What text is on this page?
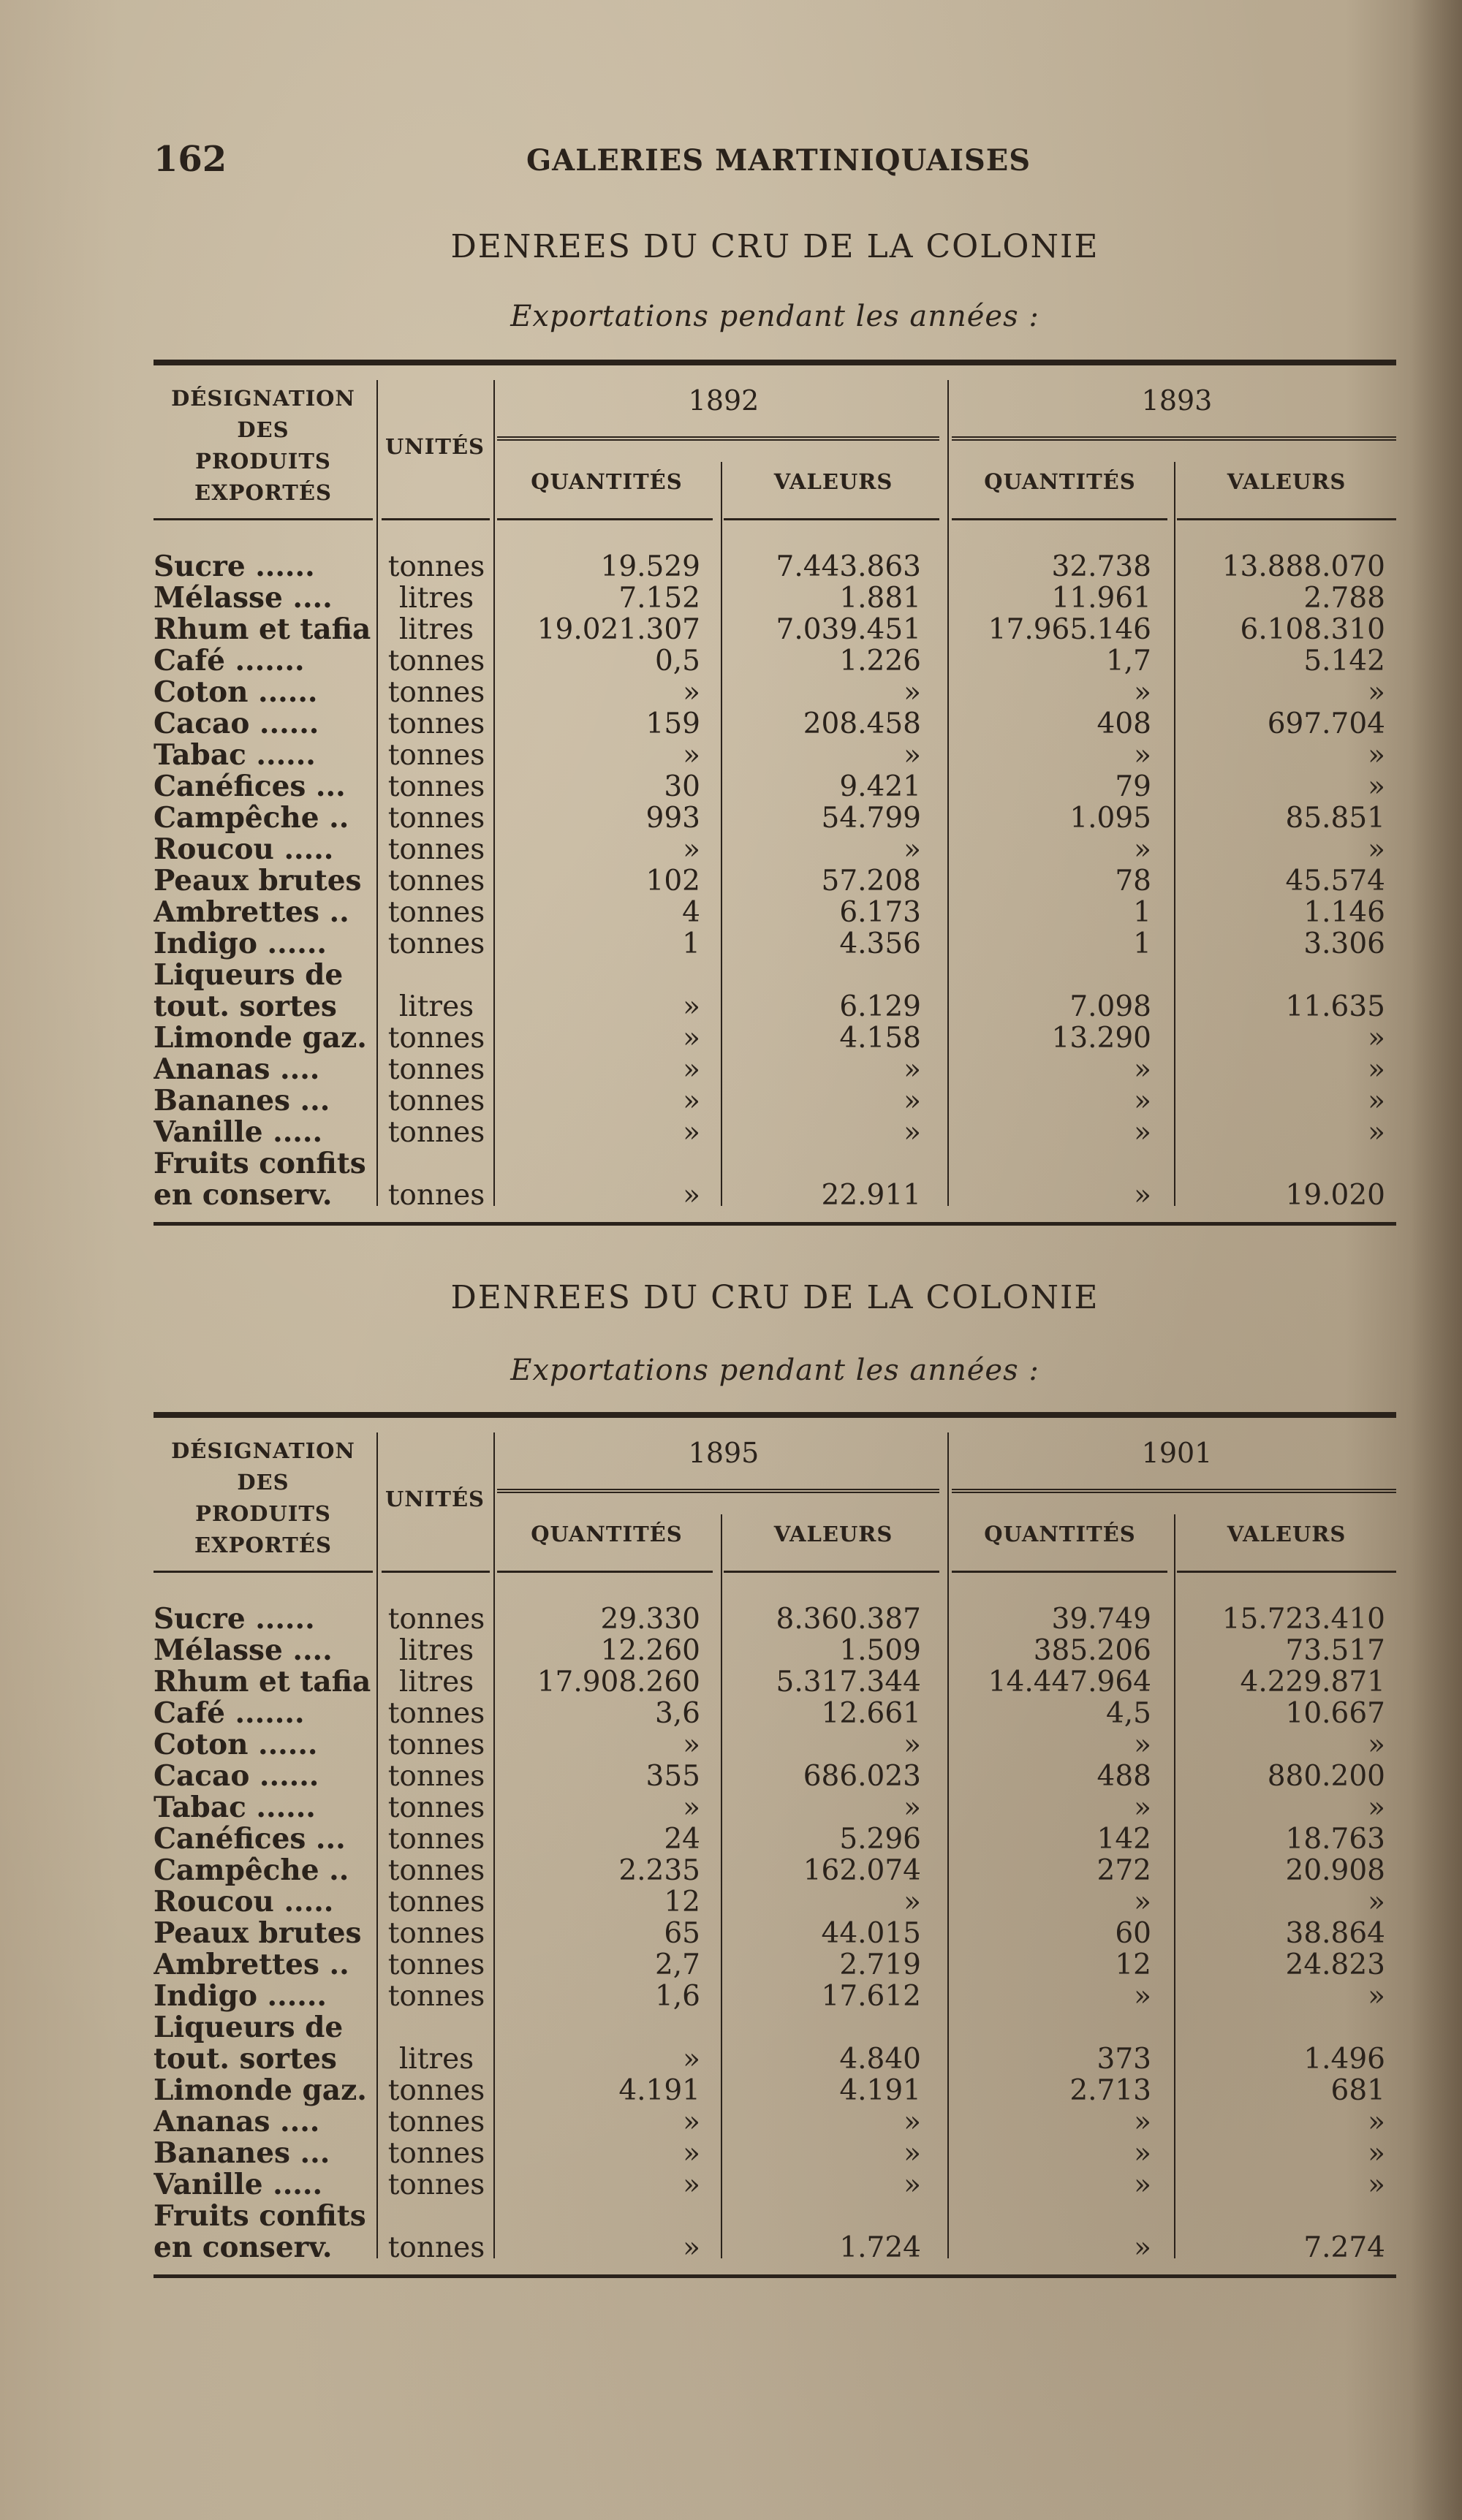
162	GALERIES MARTINIQUAISES
DENREES DU CRU DE LA COLONIE
Exportations pendant les années :
DÉSIGNATION
DES
PRODUITS
EXPORTÉS
UNITÉS
1892	1893
QUANTITÉS	VALEURS	QUANTITÉS	VALEURS
Sucre ......	tonnes	19.529	7.443.863	32.738	13.888.070
Mélasse ....	litres	7.152	1.881	11.961	2.788
Rhum et tafia litres	19.021.307	7.039.451	17.965.146	6.108.310
Café .......	tonnes	0,5	1.226	1,7	5.142
Coton ......	tonnes	»	»	»	»
Cacao ......	tonnes	159	208.458	408	697.704
Tabac ......	tonnes	»	»	»	»
Canéfices ...	tonnes	30	9.421	79	»
Campêche ..	tonnes	993	54.799	1.095	85.851
Roucou .....	tonnes	»	»	»	»
Peaux brutes tonnes	102	57.208	78	45.574
Ambrettes ..	tonnes	4	6.173	1	1.146
Indigo ......	tonnes	1	4.356	1	3.306
Liqueurs de
tout. sortes	litres	»	6.129	7.098	11.635
Limonde gaz. tonnes	»	4.158	13.290	»
Ananas ....	tonnes	»	»	»	»
Bananes ...	tonnes	»	»	»	»
Vanille .....	tonnes	»	»	»	»
Fruits confits
en conserv.	tonnes	»	22.911	»	19.020
DENREES DU CRU DE LA COLONIE
Exportations pendant les années :
DÉSIGNATION
DES
PRODUITS
EXPORTÉS
UNITÉS
1895	1901
QUANTITÉS	VALEURS	QUANTITÉS	VALEURS
Sucre ......	tonnes	29.330	8.360.387	39.749	15.723.410
Mélasse ....	litres	12.260	1.509	385.206	73.517
Rhum et tafia litres	17.908.260	5.317.344	14.447.964	4.229.871
Café .......	tonnes	3,6	12.661	4,5	10.667
Coton ......	tonnes	»	»	»	»
Cacao ......	tonnes	355	686.023	488	880.200
Tabac ......	tonnes	»	»	»	»
Canéfices ...	tonnes	24	5.296	142	18.763
Campêche ..	tonnes	2.235	162.074	272	20.908
Roucou .....	tonnes	12	»	»	»
Peaux brutes tonnes	65	44.015	60	38.864
Ambrettes ..	tonnes	2,7	2.719	12	24.823
Indigo ......	tonnes	1,6	17.612	»	»
Liqueurs de
tout. sortes	litres	»	4.840	373	1.496
Limonde gaz. tonnes	4.191	4.191	2.713	681
Ananas ....	tonnes	»	»	»	»
Bananes ...	tonnes	»	»	»	»
Vanille .....	tonnes	»	»	»	»
Fruits confits
en conserv.	tonnes	»	1.724	»	7.274
